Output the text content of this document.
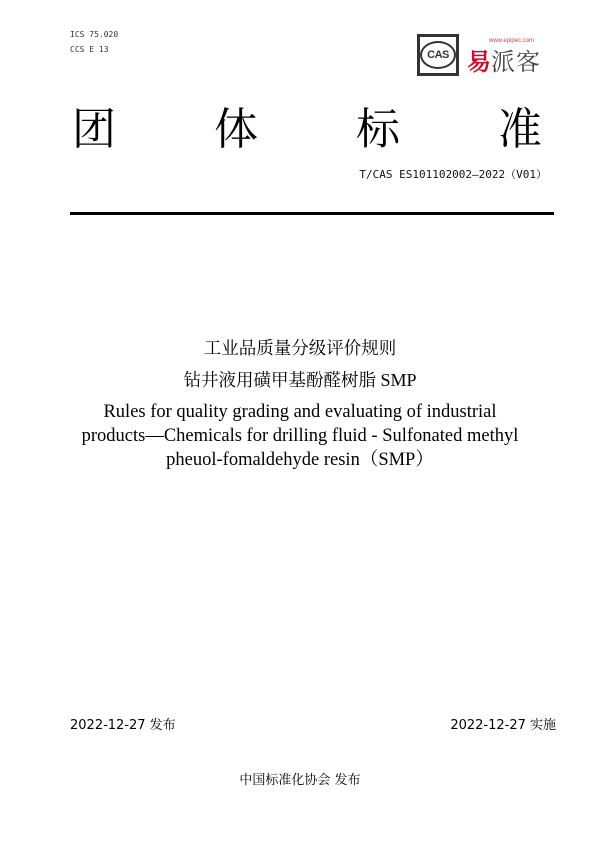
ICS 75.020
CCS E 13	CAS
www.epipec.com
易 派客
团 体 标 准
T/CAS ES101102002—2022（V01）
工业品质量分级评价规则
钻井液用磺甲基酚醛树脂 SMP
Rules for quality grading and evaluating of industrial
products—Chemicals for drilling fluid - Sulfonated methyl
pheuol-fomaldehyde resin（SMP）
2022-12-27 发布	2022-12-27 实施
中国标准化协会 发布
